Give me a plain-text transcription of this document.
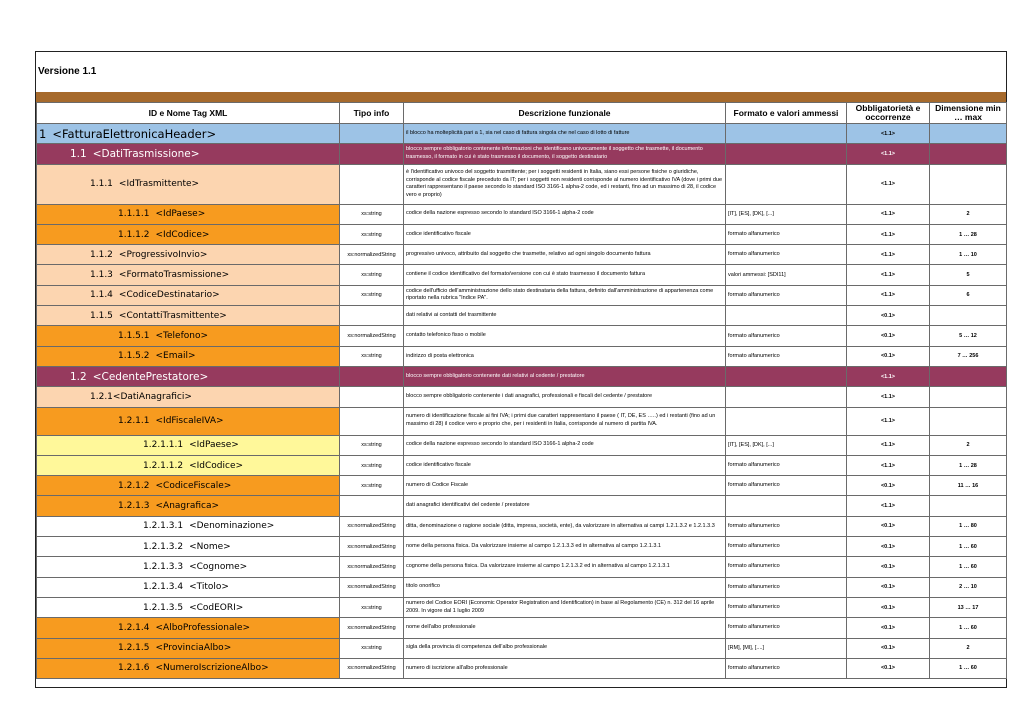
Versione 1.1
ID e Nome Tag XML	Tipo info	Descrizione funzionale	Formato e valori ammessi	Obbligatorietà e occorrenze	Dimensione min … max
1 <FatturaElettronicaHeader>		il blocco ha molteplicità pari a 1, sia nel caso di fattura singola che nel caso di lotto di fatture		<1.1>	
1.1 <DatiTrasmissione>		blocco sempre obbligatorio contenente informazioni che identificano univocamente il soggetto che trasmette, il documento trasmesso, il formato in cui è stato trasmesso il documento, il soggetto destinatario		<1.1>	
1.1.1 <IdTrasmittente>		è l'identificativo univoco del soggetto trasmittente; per i soggetti residenti in Italia, siano essi persone fisiche o giuridiche, corrisponde al codice fiscale preceduto da IT; per i soggetti non residenti corrisponde al numero identificativo IVA (dove i primi due caratteri rappresentano il paese secondo lo standard ISO 3166-1 alpha-2 code, ed i restanti, fino ad un massimo di 28, il codice vero e proprio)		<1.1>	
1.1.1.1 <IdPaese>	xs:string	codice della nazione espresso secondo lo standard ISO 3166-1 alpha-2 code	[IT], [ES], [DK], [...]	<1.1>	2
1.1.1.2 <IdCodice>	xs:string	codice identificativo fiscale	formato alfanumerico	<1.1>	1 … 28
1.1.2 <ProgressivoInvio>	xs:normalizedString	progressivo univoco, attribuito dal soggetto che trasmette, relativo ad ogni singolo documento fattura	formato alfanumerico	<1.1>	1 … 10
1.1.3 <FormatoTrasmissione>	xs:string	contiene il codice identificativo del formato/versione con cui è stato trasmesso il documento fattura	valori ammessi: [SDI11]	<1.1>	5
1.1.4 <CodiceDestinatario>	xs:string	codice dell'ufficio dell'amministrazione dello stato destinataria della fattura, definito dall'amministrazione di appartenenza come riportato nella rubrica "Indice PA".	formato alfanumerico	<1.1>	6
1.1.5 <ContattiTrasmittente>		dati relativi ai contatti del trasmittente		<0.1>	
1.1.5.1 <Telefono>	xs:normalizedString	contatto telefonico fisso o mobile	formato alfanumerico	<0.1>	5 … 12
1.1.5.2 <Email>	xs:string	indirizzo di posta elettronica	formato alfanumerico	<0.1>	7 … 256
1.2 <CedentePrestatore>		blocco sempre obbligatorio contenente dati relativi al cedente / prestatore		<1.1>	
1.2.1<DatiAnagrafici>		blocco sempre obbligatorio contenente i dati anagrafici, professionali e fiscali del cedente / prestatore		<1.1>	
1.2.1.1 <IdFiscaleIVA>		numero di identificazione fiscale ai fini IVA; i primi due caratteri rappresentano il paese ( IT, DE, ES …..) ed i restanti (fino ad un massimo di 28) il codice vero e proprio che, per i residenti in Italia, corrisponde al numero di partita IVA.		<1.1>	
1.2.1.1.1 <IdPaese>	xs:string	codice della nazione espresso secondo lo standard ISO 3166-1 alpha-2 code	[IT], [ES], [DK], [...]	<1.1>	2
1.2.1.1.2 <IdCodice>	xs:string	codice identificativo fiscale	formato alfanumerico	<1.1>	1 … 28
1.2.1.2 <CodiceFiscale>	xs:string	numero di Codice Fiscale	formato alfanumerico	<0.1>	11 … 16
1.2.1.3 <Anagrafica>		dati anagrafici identificativi del cedente / prestatore		<1.1>	
1.2.1.3.1 <Denominazione>	xs:normalizedString	ditta, denominazione o ragione sociale (ditta, impresa, società, ente), da valorizzare in alternativa ai campi 1.2.1.3.2 e 1.2.1.3.3	formato alfanumerico	<0.1>	1 … 80
1.2.1.3.2 <Nome>	xs:normalizedString	nome della persona fisica. Da valorizzare insieme al campo 1.2.1.3.3 ed in alternativa al campo 1.2.1.3.1	formato alfanumerico	<0.1>	1 … 60
1.2.1.3.3 <Cognome>	xs:normalizedString	cognome della persona fisica. Da valorizzare insieme al campo 1.2.1.3.2 ed in alternativa al campo 1.2.1.3.1	formato alfanumerico	<0.1>	1 … 60
1.2.1.3.4 <Titolo>	xs:normalizedString	titolo onorifico	formato alfanumerico	<0.1>	2 … 10
1.2.1.3.5 <CodEORI>	xs:string	numero del Codice EORI (Economic Operator Registration and Identification) in base al Regolamento (CE) n. 312 del 16 aprile 2009. In vigore dal 1 luglio 2009	formato alfanumerico	<0.1>	13 … 17
1.2.1.4 <AlboProfessionale>	xs:normalizedString	nome dell'albo professionale	formato alfanumerico	<0.1>	1 … 60
1.2.1.5 <ProvinciaAlbo>	xs:string	sigla della provincia di competenza dell'albo professionale	[RM], [MI], [....]	<0.1>	2
1.2.1.6 <NumeroIscrizioneAlbo>	xs:normalizedString	numero di iscrizione all'albo professionale	formato alfanumerico	<0.1>	1 … 60
